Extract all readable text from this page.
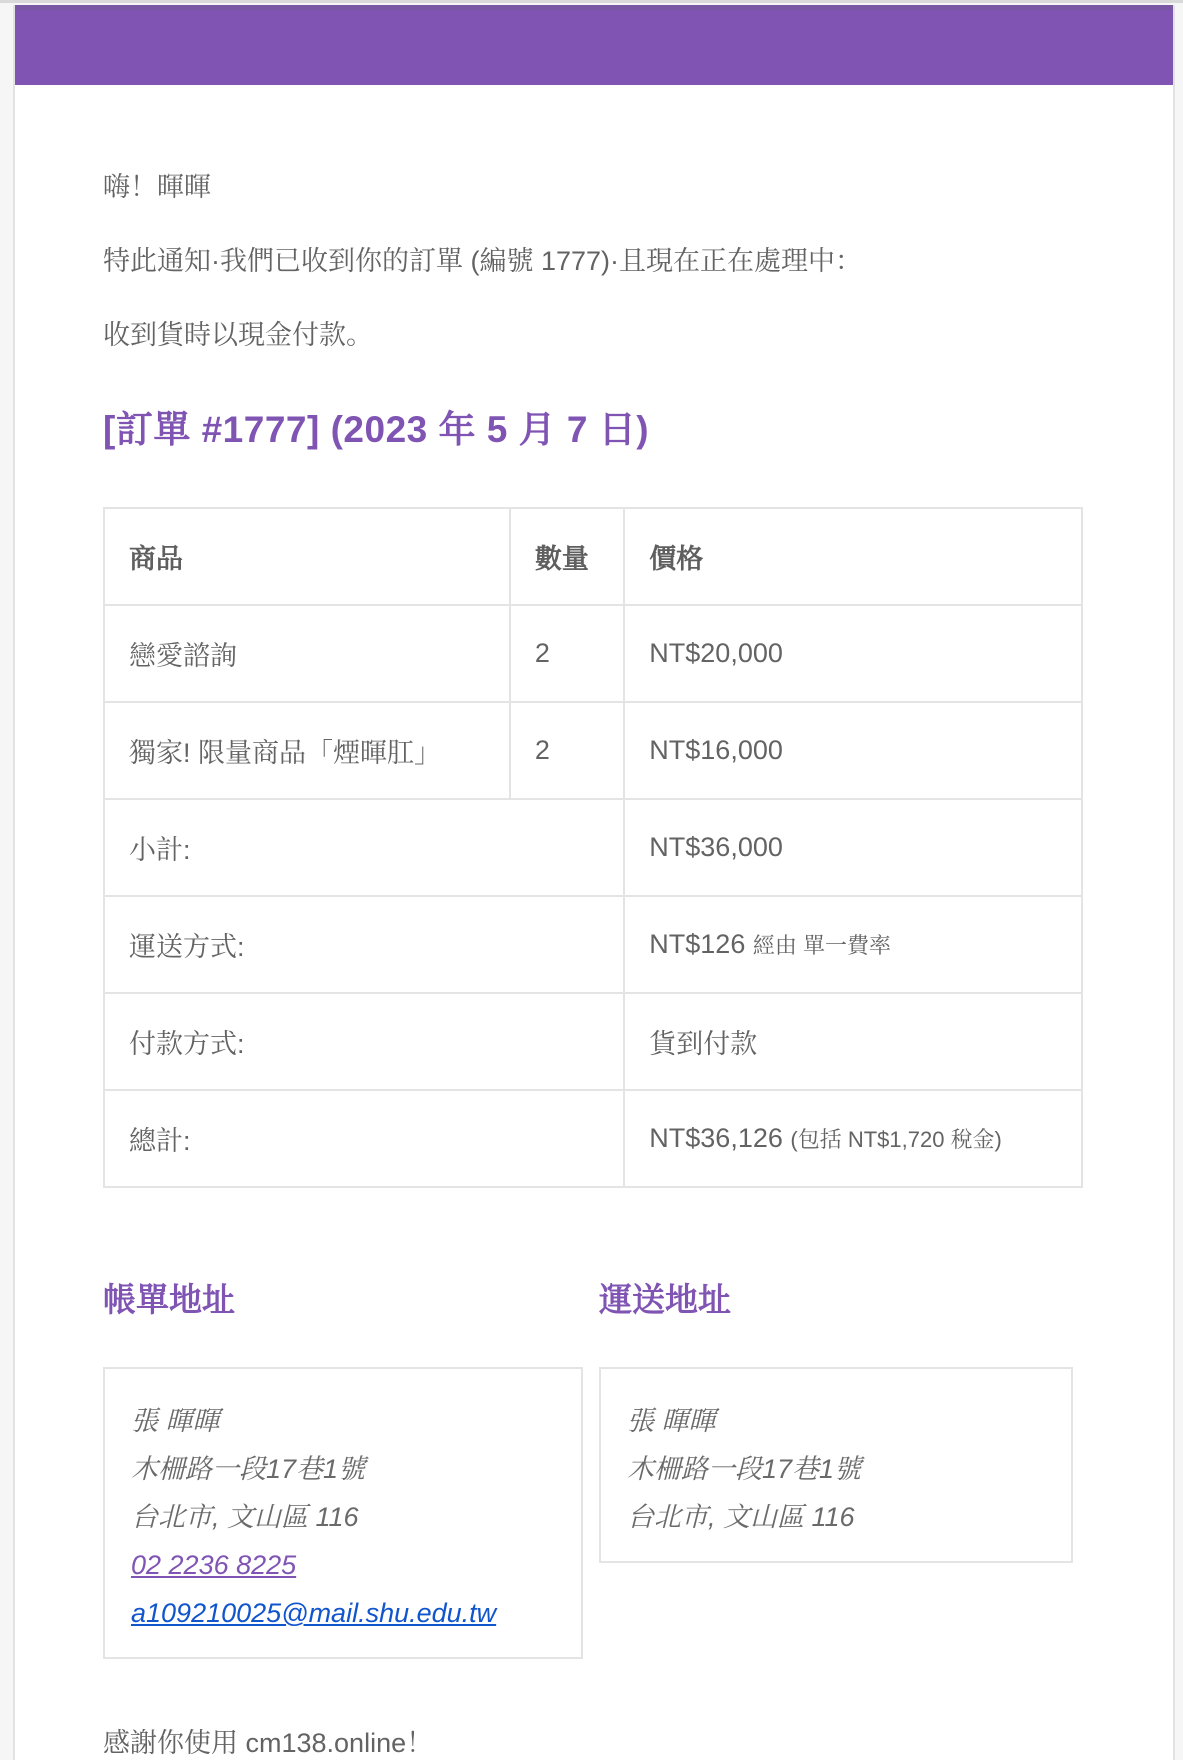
嗨！暉暉

特此通知·我們已收到你的訂單 (編號 1777)·且現在正在處理中：

收到貨時以現金付款。

[訂單 #1777] (2023 年 5 月 7 日)
商品	數量	價格
戀愛諮詢	2	NT$20,000
獨家! 限量商品「煙暉肛」	2	NT$16,000
小計:		NT$36,000
運送方式:		NT$126 經由 單一費率
付款方式:		貨到付款
總計:		NT$36,126 (包括 NT$1,720 稅金)
帳單地址
張 暉暉
木柵路一段17巷1號
台北市, 文山區 116
02 2236 8225
a109210025@mail.shu.edu.tw
運送地址
張 暉暉
木柵路一段17巷1號
台北市, 文山區 116

感謝你使用 cm138.online！
